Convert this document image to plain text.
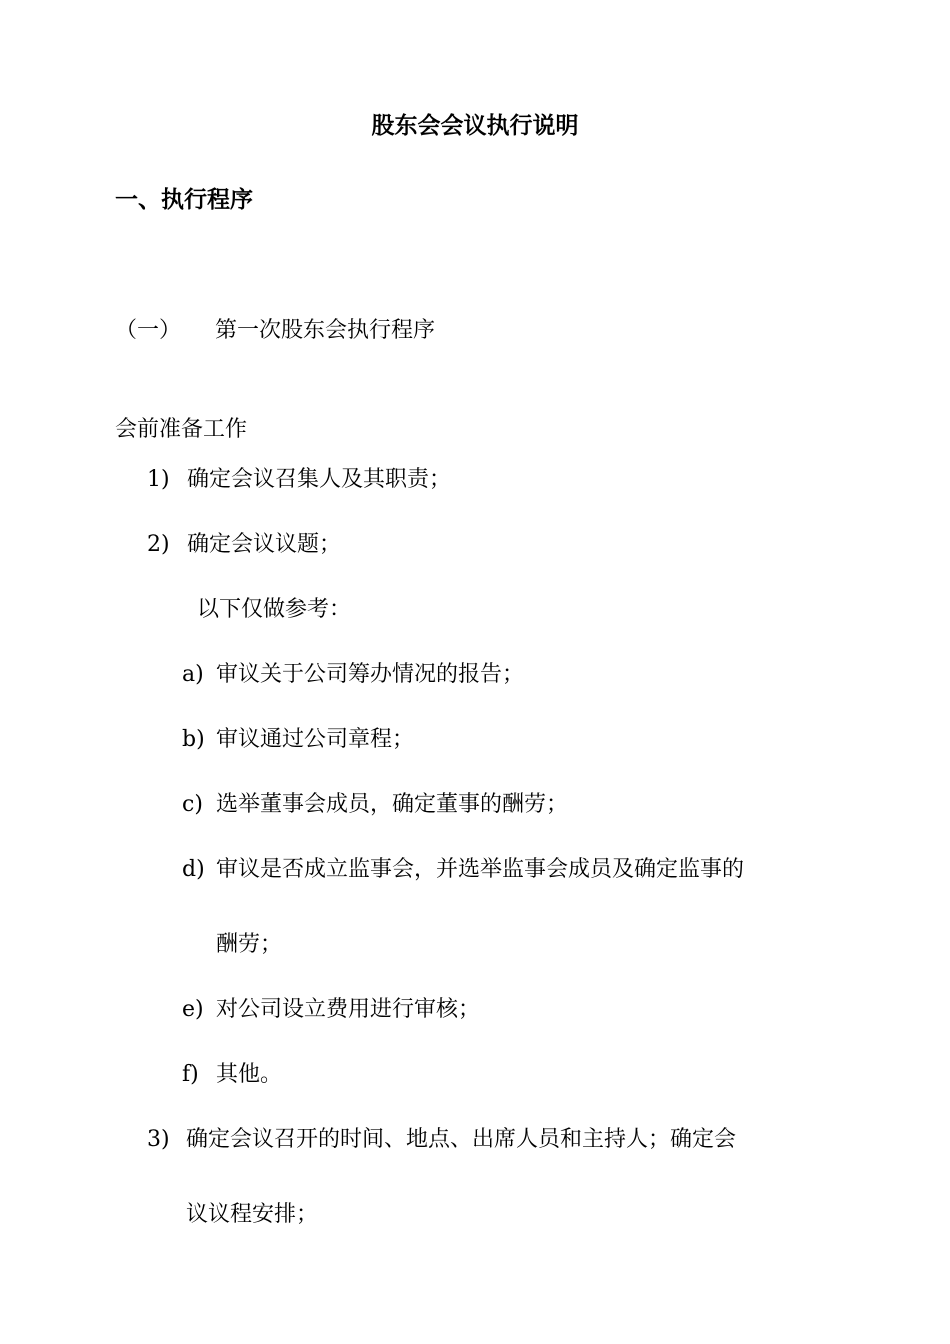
股东会会议执行说明
一、执行程序
（一） 第一次股东会执行程序
会前准备工作
1) 确定会议召集人及其职责；
2) 确定会议议题；
以下仅做参考：
a) 审议关于公司筹办情况的报告；
b) 审议通过公司章程；
c) 选举董事会成员，确定董事的酬劳；
d) 审议是否成立监事会，并选举监事会成员及确定监事的
酬劳；
e) 对公司设立费用进行审核；
f) 其他。
3) 确定会议召开的时间、地点、出席人员和主持人；确定会
议议程安排；
